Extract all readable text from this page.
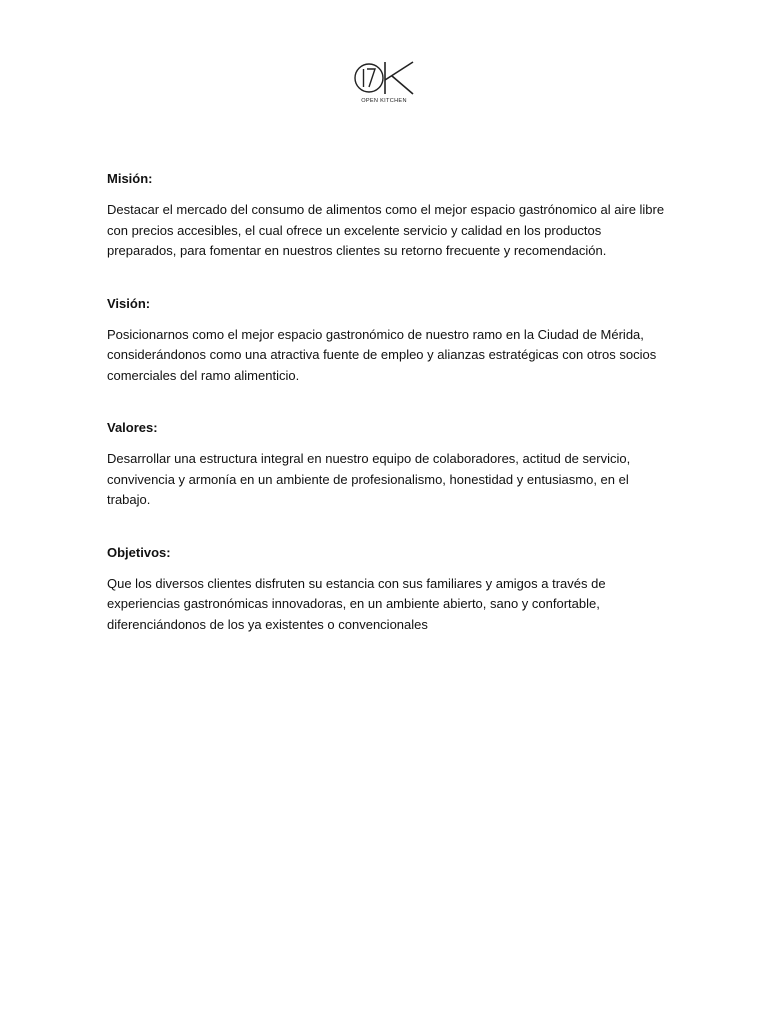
OPEN KITCHEN

Misión:

Destacar el mercado del consumo de alimentos como el mejor espacio gastrónomico al aire libre con precios accesibles, el cual ofrece un excelente servicio y calidad en los productos preparados, para fomentar en nuestros clientes su retorno frecuente y recomendación.

Visión:

Posicionarnos como el mejor espacio gastronómico de nuestro ramo en la Ciudad de Mérida, considerándonos como una atractiva fuente de empleo y alianzas estratégicas con otros socios comerciales del ramo alimenticio.

Valores:

Desarrollar una estructura integral en nuestro equipo de colaboradores, actitud de servicio, convivencia y armonía en un ambiente de profesionalismo, honestidad y entusiasmo, en el trabajo.

Objetivos:

Que los diversos clientes disfruten su estancia con sus familiares y amigos a través de experiencias gastronómicas innovadoras, en un ambiente abierto, sano y confortable, diferenciándonos de los ya existentes o convencionales
